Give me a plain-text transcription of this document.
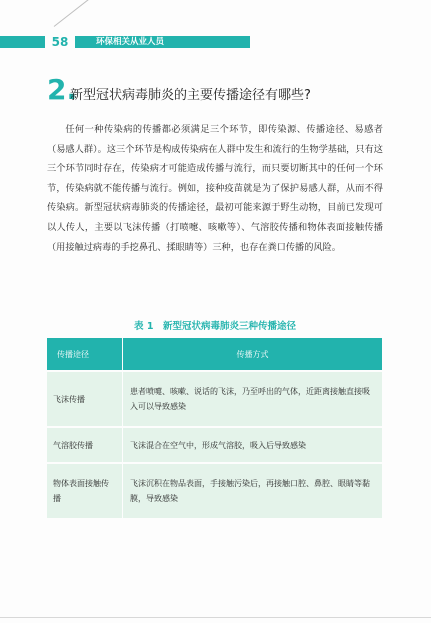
58	环保相关从业人员
2.
新型冠状病毒肺炎的主要传播途径有哪些?

任何一种传染病的传播都必须满足三个环节，即传染源、传播途径、易感者（易感人群）。这三个环节是构成传染病在人群中发生和流行的生物学基础，只有这三个环节同时存在，传染病才可能造成传播与流行，而只要切断其中的任何一个环节，传染病就不能传播与流行。例如，接种疫苗就是为了保护易感人群，从而不得传染病。新型冠状病毒肺炎的传播途径，最初可能来源于野生动物，目前已发现可以人传人，主要以飞沫传播（打喷嚏、咳嗽等）、气溶胶传播和物体表面接触传播（用接触过病毒的手挖鼻孔、揉眼睛等）三种，也存在粪口传播的风险。

表 1　新型冠状病毒肺炎三种传播途径
传播途径	传播方式
飞沫传播	患者喷嚏、咳嗽、说话的飞沫，乃至呼出的气体，近距离接触直接吸入可以导致感染
气溶胶传播	飞沫混合在空气中，形成气溶胶，吸入后导致感染
物体表面接触传播	飞沫沉积在物品表面，手接触污染后，再接触口腔、鼻腔、眼睛等黏膜，导致感染
